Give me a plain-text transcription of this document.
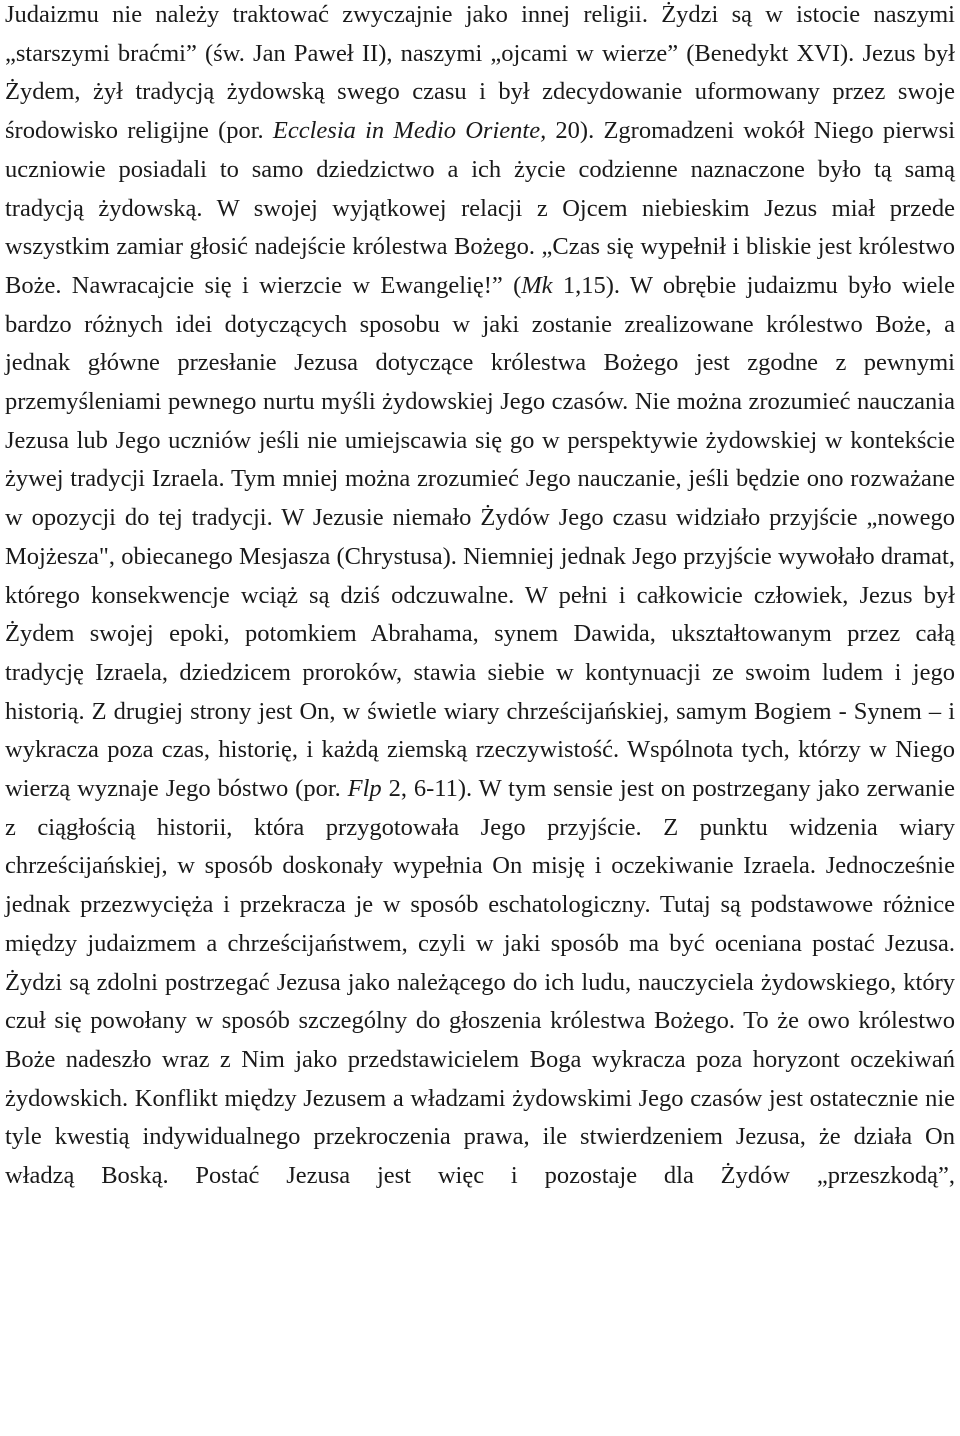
Judaizmu nie należy traktować zwyczajnie jako innej religii. Żydzi są w istocie naszymi „starszymi braćmi” (św. Jan Paweł II), naszymi „ojcami w wierze” (Benedykt XVI). Jezus był Żydem, żył tradycją żydowską swego czasu i był zdecydowanie uformowany przez swoje środowisko religijne (por. Ecclesia in Medio Oriente, 20). Zgromadzeni wokół Niego pierwsi uczniowie posiadali to samo dziedzictwo a ich życie codzienne naznaczone było tą samą tradycją żydowską. W swojej wyjątkowej relacji z Ojcem niebieskim Jezus miał przede wszystkim zamiar głosić nadejście królestwa Bożego. „Czas się wypełnił i bliskie jest królestwo Boże. Nawracajcie się i wierzcie w Ewangelię!” (Mk 1,15). W obrębie judaizmu było wiele bardzo różnych idei dotyczących sposobu w jaki zostanie zrealizowane królestwo Boże, a jednak główne przesłanie Jezusa dotyczące królestwa Bożego jest zgodne z pewnymi przemyśleniami pewnego nurtu myśli żydowskiej Jego czasów. Nie można zrozumieć nauczania Jezusa lub Jego uczniów jeśli nie umiejscawia się go w perspektywie żydowskiej w kontekście żywej tradycji Izraela. Tym mniej można zrozumieć Jego nauczanie, jeśli będzie ono rozważane w opozycji do tej tradycji. W Jezusie niemało Żydów Jego czasu widziało przyjście „nowego Mojżesza", obiecanego Mesjasza (Chrystusa). Niemniej jednak Jego przyjście wywołało dramat, którego konsekwencje wciąż są dziś odczuwalne. W pełni i całkowicie człowiek, Jezus był Żydem swojej epoki, potomkiem Abrahama, synem Dawida, ukształtowanym przez całą tradycję Izraela, dziedzicem proroków, stawia siebie w kontynuacji ze swoim ludem i jego historią. Z drugiej strony jest On, w świetle wiary chrześcijańskiej, samym Bogiem - Synem – i wykracza poza czas, historię, i każdą ziemską rzeczywistość. Wspólnota tych, którzy w Niego wierzą wyznaje Jego bóstwo (por. Flp 2, 6-11). W tym sensie jest on postrzegany jako zerwanie z ciągłością historii, która przygotowała Jego przyjście. Z punktu widzenia wiary chrześcijańskiej, w sposób doskonały wypełnia On misję i oczekiwanie Izraela. Jednocześnie jednak przezwycięża i przekracza je w sposób eschatologiczny. Tutaj są podstawowe różnice między judaizmem a chrześcijaństwem, czyli w jaki sposób ma być oceniana postać Jezusa. Żydzi są zdolni postrzegać Jezusa jako należącego do ich ludu, nauczyciela żydowskiego, który czuł się powołany w sposób szczególny do głoszenia królestwa Bożego. To że owo królestwo Boże nadeszło wraz z Nim jako przedstawicielem Boga wykracza poza horyzont oczekiwań żydowskich. Konflikt między Jezusem a władzami żydowskimi Jego czasów jest ostatecznie nie tyle kwestią indywidualnego przekroczenia prawa, ile stwierdzeniem Jezusa, że działa On władzą Boską. Postać Jezusa jest więc i pozostaje dla Żydów „przeszkodą”,
